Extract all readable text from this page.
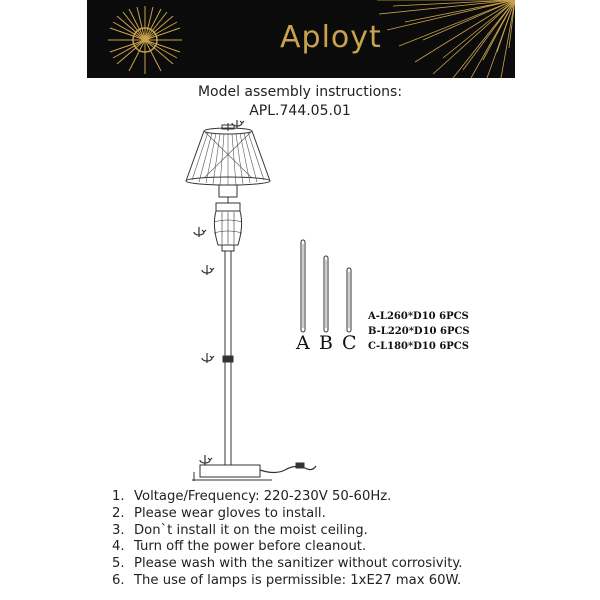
Aployt
Model assembly instructions:
APL.744.05.01
A B C
A-L260*D10 6PCS
B-L220*D10 6PCS
C-L180*D10 6PCS
1. Voltage/Frequency: 220-230V 50-60Hz.
2. Please wear gloves to install.
3. Don`t install it on the moist ceiling.
4. Turn off the power before cleanout.
5. Please wash with the sanitizer without corrosivity.
6. The use of lamps is permissible: 1xE27 max 60W.
